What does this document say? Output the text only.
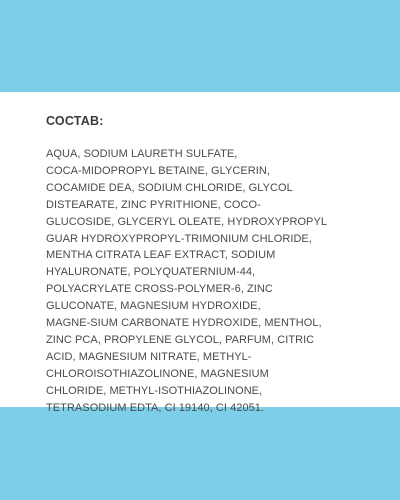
СОСТАВ:

AQUA, SODIUM LAURETH SULFATE,
COCA-MIDOPROPYL BETAINE, GLYCERIN,
COCAMIDE DEA, SODIUM CHLORIDE, GLYCOL
DISTEARATE, ZINC PYRITHIONE, COCO-
GLUCOSIDE, GLYCERYL OLEATE, HYDROXYPROPYL
GUAR HYDROXYPROPYL-TRIMONIUM CHLORIDE,
MENTHA CITRATA LEAF EXTRACT, SODIUM
HYALURONATE, POLYQUATERNIUM-44,
POLYACRYLATE CROSS-POLYMER-6, ZINC
GLUCONATE, MAGNESIUM HYDROXIDE,
MAGNE-SIUM CARBONATE HYDROXIDE, MENTHOL,
ZINC PCA, PROPYLENE GLYCOL, PARFUM, CITRIC
ACID, MAGNESIUM NITRATE, METHYL-
CHLOROISOTHIAZOLINONE, MAGNESIUM
CHLORIDE, METHYL-ISOTHIAZOLINONE,
TETRASODIUM EDTA, CI 19140, CI 42051.
